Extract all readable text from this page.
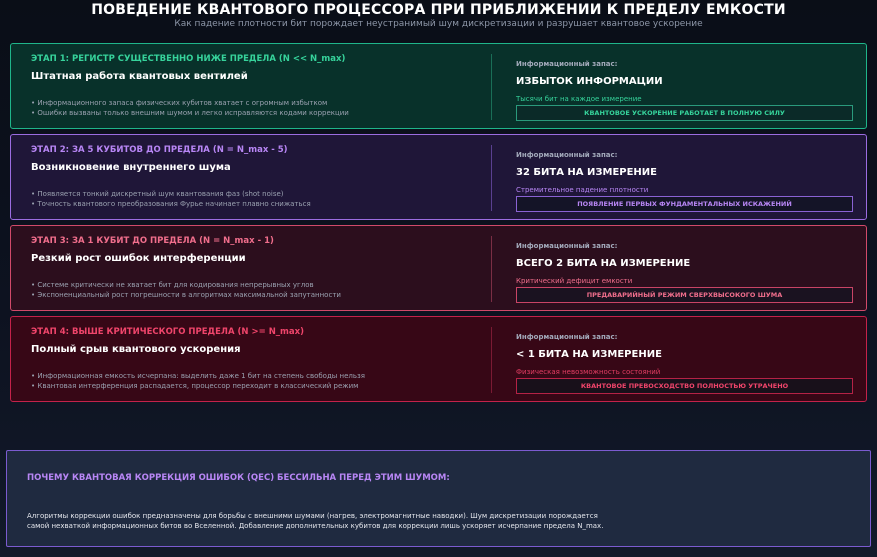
ПОВЕДЕНИЕ КВАНТОВОГО ПРОЦЕССОРА ПРИ ПРИБЛИЖЕНИИ К ПРЕДЕЛУ ЕМКОСТИ
Как падение плотности бит порождает неустранимый шум дискретизации и разрушает квантовое ускорение
ЭТАП 1: РЕГИСТР СУЩЕСТВЕННО НИЖЕ ПРЕДЕЛА (N << N_max)
Штатная работа квантовых вентилей
• Информационного запаса физических кубитов хватает с огромным избытком
• Ошибки вызваны только внешним шумом и легко исправляются кодами коррекции
Информационный запас:
ИЗБЫТОК ИНФОРМАЦИИ
Тысячи бит на каждое измерение
КВАНТОВОЕ УСКОРЕНИЕ РАБОТАЕТ В ПОЛНУЮ СИЛУ
ЭТАП 2: ЗА 5 КУБИТОВ ДО ПРЕДЕЛА (N = N_max - 5)
Возникновение внутреннего шума
• Появляется тонкий дискретный шум квантования фаз (shot noise)
• Точность квантового преобразования Фурье начинает плавно снижаться
Информационный запас:
32 БИТА НА ИЗМЕРЕНИЕ
Стремительное падение плотности
ПОЯВЛЕНИЕ ПЕРВЫХ ФУНДАМЕНТАЛЬНЫХ ИСКАЖЕНИЙ
ЭТАП 3: ЗА 1 КУБИТ ДО ПРЕДЕЛА (N = N_max - 1)
Резкий рост ошибок интерференции
• Системе критически не хватает бит для кодирования непрерывных углов
• Экспоненциальный рост погрешности в алгоритмах максимальной запутанности
Информационный запас:
ВСЕГО 2 БИТА НА ИЗМЕРЕНИЕ
Критический дефицит емкости
ПРЕДАВАРИЙНЫЙ РЕЖИМ СВЕРХВЫСОКОГО ШУМА
ЭТАП 4: ВЫШЕ КРИТИЧЕСКОГО ПРЕДЕЛА (N >= N_max)
Полный срыв квантового ускорения
• Информационная емкость исчерпана: выделить даже 1 бит на степень свободы нельзя
• Квантовая интерференция распадается, процессор переходит в классический режим
Информационный запас:
< 1 БИТА НА ИЗМЕРЕНИЕ
Физическая невозможность состояний
КВАНТОВОЕ ПРЕВОСХОДСТВО ПОЛНОСТЬЮ УТРАЧЕНО
ПОЧЕМУ КВАНТОВАЯ КОРРЕКЦИЯ ОШИБОК (QEC) БЕССИЛЬНА ПЕРЕД ЭТИМ ШУМОМ:
Алгоритмы коррекции ошибок предназначены для борьбы с внешними шумами (нагрев, электромагнитные наводки). Шум дискретизации порождается
самой нехваткой информационных битов во Вселенной. Добавление дополнительных кубитов для коррекции лишь ускоряет исчерпание предела N_max.
